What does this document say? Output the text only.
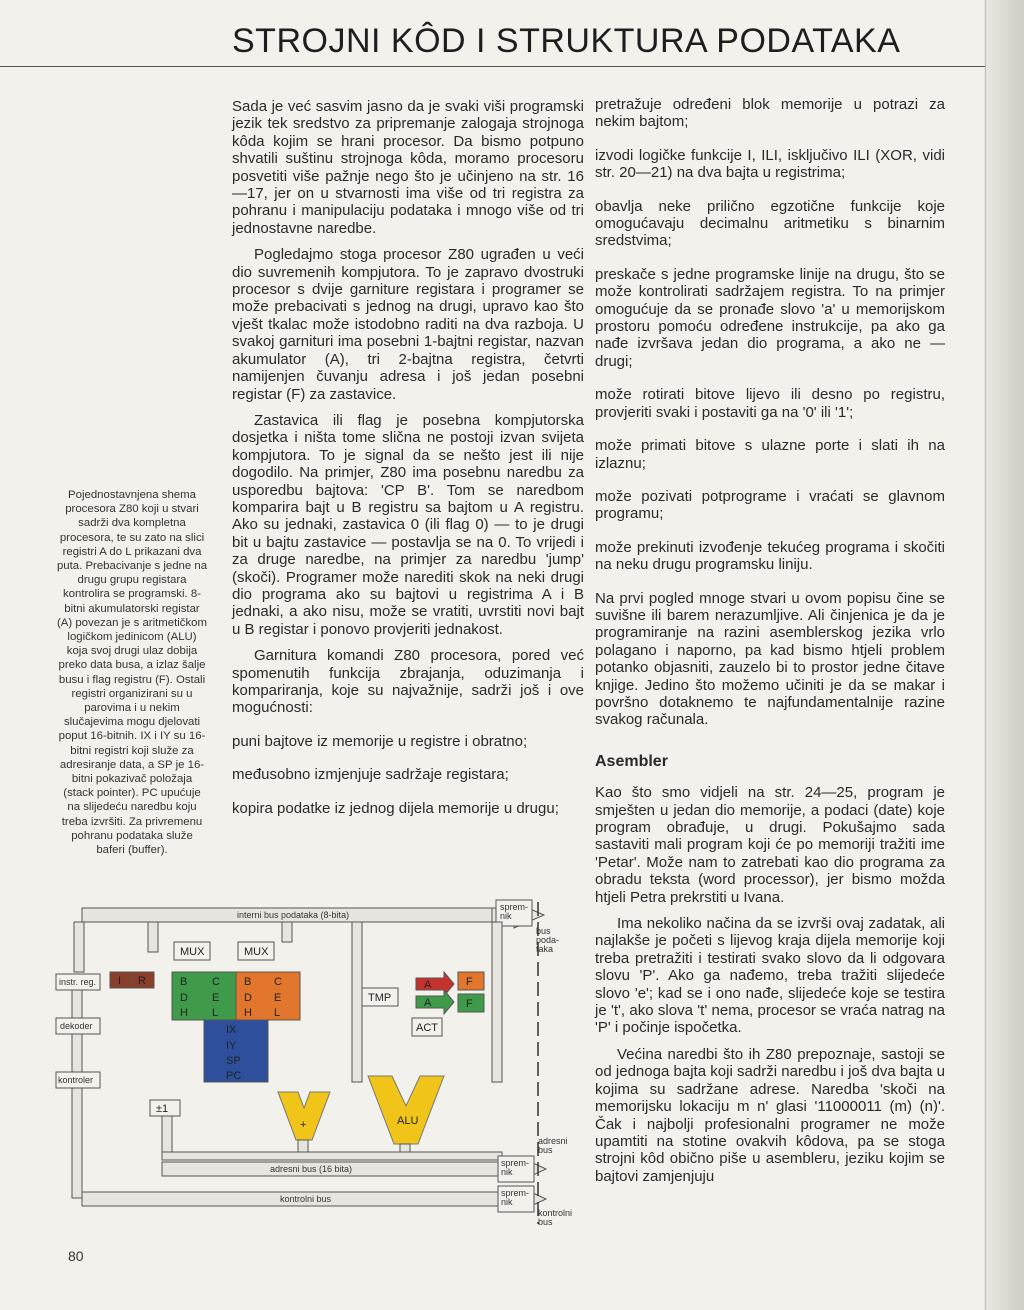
STROJNI KÔD I STRUKTURA PODATAKA
Pojednostavnjena shema procesora Z80 koji u stvari sadrži dva kompletna procesora, te su zato na slici registri A do L prikazani dva puta. Prebacivanje s jedne na drugu grupu registara kontrolira se programski. 8-bitni akumulatorski registar (A) povezan je s aritmetičkom logičkom jedinicom (ALU) koja svoj drugi ulaz dobija preko data busa, a izlaz šalje busu i flag registru (F). Ostali registri organizirani su u parovima i u nekim slučajevima mogu djelovati poput 16-bitnih. IX i IY su 16-bitni registri koji služe za adresiranje data, a SP je 16-bitni pokazivač položaja (stack pointer). PC upućuje na slijedeću naredbu koju treba izvršiti. Za privremenu pohranu podataka služe baferi (buffer).

Sada je već sasvim jasno da je svaki viši programski jezik tek sredstvo za pripremanje zalogaja strojnoga kôda kojim se hrani procesor. Da bismo potpuno shvatili suštinu strojnoga kôda, moramo procesoru posvetiti više pažnje nego što je učinjeno na str. 16—17, jer on u stvarnosti ima više od tri registra za pohranu i manipulaciju podataka i mnogo više od tri jednostavne naredbe.

Pogledajmo stoga procesor Z80 ugrađen u veći dio suvremenih kompjutora. To je zapravo dvostruki procesor s dvije garniture registara i programer se može prebacivati s jednog na drugi, upravo kao što vješt tkalac može istodobno raditi na dva razboja. U svakoj garnituri ima posebni 1-bajtni registar, nazvan akumulator (A), tri 2-bajtna registra, četvrti namijenjen čuvanju adresa i još jedan posebni registar (F) za zastavice.

Zastavica ili flag je posebna kompjutorska dosjetka i ništa tome slična ne postoji izvan svijeta kompjutora. To je signal da se nešto jest ili nije dogodilo. Na primjer, Z80 ima posebnu naredbu za usporedbu bajtova: 'CP B'. Tom se naredbom komparira bajt u B registru sa bajtom u A registru. Ako su jednaki, zastavica 0 (ili flag 0) — to je drugi bit u bajtu zastavice — postavlja se na 0. To vrijedi i za druge naredbe, na primjer za naredbu 'jump' (skoči). Programer može narediti skok na neki drugi dio programa ako su bajtovi u registrima A i B jednaki, a ako nisu, može se vratiti, uvrstiti novi bajt u B registar i ponovo provjeriti jednakost.

Garnitura komandi Z80 procesora, pored već spomenutih funkcija zbrajanja, oduzimanja i kompariranja, koje su najvažnije, sadrži još i ove mogućnosti:

puni bajtove iz memorije u registre i obratno;

međusobno izmjenjuje sadržaje registara;

kopira podatke iz jednog dijela memorije u drugu;

pretražuje određeni blok memorije u potrazi za nekim bajtom;

izvodi logičke funkcije I, ILI, isključivo ILI (XOR, vidi str. 20—21) na dva bajta u registrima;

obavlja neke prilično egzotične funkcije koje omogućavaju decimalnu aritmetiku s binarnim sredstvima;

preskače s jedne programske linije na drugu, što se može kontrolirati sadržajem registra. To na primjer omogućuje da se pronađe slovo 'a' u memorijskom prostoru pomoću određene instrukcije, pa ako ga nađe izvršava jedan dio programa, a ako ne — drugi;

može rotirati bitove lijevo ili desno po registru, provjeriti svaki i postaviti ga na '0' ili '1';

može primati bitove s ulazne porte i slati ih na izlaznu;

može pozivati potprograme i vraćati se glavnom programu;

može prekinuti izvođenje tekućeg programa i skočiti na neku drugu programsku liniju.

Na prvi pogled mnoge stvari u ovom popisu čine se suvišne ili barem nerazumljive. Ali činjenica je da je programiranje na razini asemblerskog jezika vrlo polagano i naporno, pa kad bismo htjeli problem potanko objasniti, zauzelo bi to prostor jedne čitave knjige. Jedino što možemo učiniti je da se makar i površno dotaknemo te najfundamentalnije razine svakog računala.

Asembler

Kao što smo vidjeli na str. 24—25, program je smješten u jedan dio memorije, a podaci (date) koje program obrađuje, u drugi. Pokušajmo sada sastaviti mali program koji će po memoriji tražiti ime 'Petar'. Može nam to zatrebati kao dio programa za obradu teksta (word processor), jer bismo možda htjeli Petra prekrstiti u Ivana.

Ima nekoliko načina da se izvrši ovaj zadatak, ali najlakše je početi s lijevog kraja dijela memorije koji treba pretražiti i testirati svako slovo da li odgovara slovu 'P'. Ako ga nađemo, treba tražiti slijedeće slovo 'e'; kad se i ono nađe, slijedeće koje se testira je 't', ako slova 't' nema, procesor se vraća natrag na 'P' i počinje ispočetka.

Većina naredbi što ih Z80 prepoznaje, sastoji se od jednoga bajta koji sadrži naredbu i još dva bajta u kojima su sadržane adrese. Naredba 'skoči na memorijsku lokaciju m n' glasi '11000011 (m) (n)'. Čak i najbolji profesionalni programer ne može upamtiti na stotine ovakvih kôdova, pa se stoga strojni kôd obično piše u asembleru, jeziku kojim se bajtovi zamjenjuju

interni bus podataka (8-bita)
sprem-nik
bus poda-taka
MUX	MUX
instr. reg.
dekoder
kontroler
I R	B C
D E
H L
B C
D E
H L
IX
IY
SP
PC
TMP
ACT
A	F
A	F
ALU
+
±1
adresni bus (16 bita)
sprem-nik
adresni bus
kontrolni bus
sprem-nik
kontrolni bus
80
